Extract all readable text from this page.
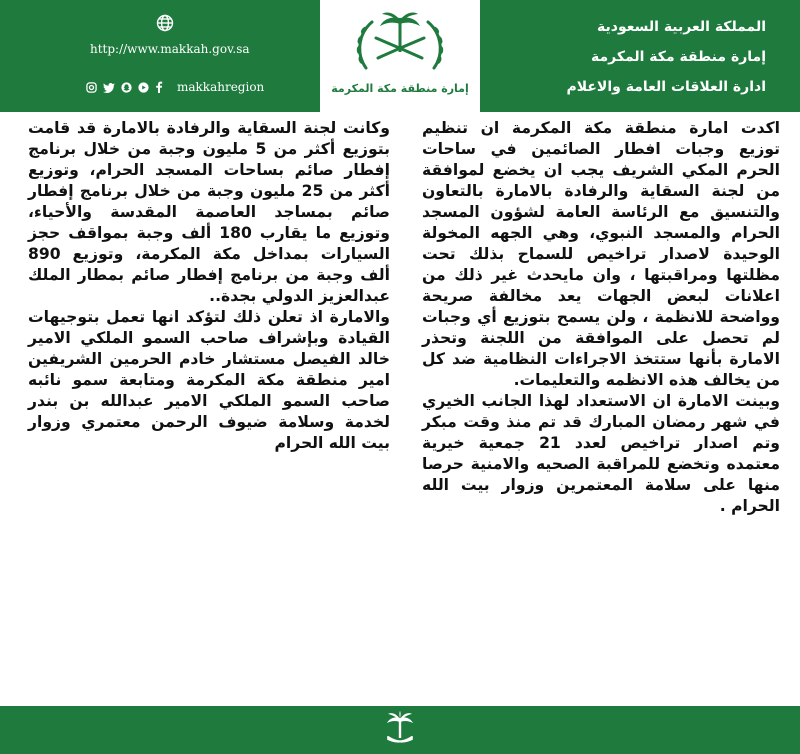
المملكة العربية السعودية
إمارة منطقة مكة المكرمة
ادارة العلاقات العامة والاعلام
إمارة منطقة مكة المكرمة
http://www.makkah.gov.sa
makkahregion

اكدت امارة منطقة مكة المكرمة ان تنظيم توزيع وجبات افطار الصائمين في ساحات الحرم المكي الشريف يجب ان يخضع لموافقة من لجنة السقاية والرفادة بالامارة بالتعاون والتنسيق مع الرئاسة العامة لشؤون المسجد الحرام والمسجد النبوي، وهي الجهه المخولة الوحيدة لاصدار تراخيص للسماح بذلك تحت مظلتها ومراقبتها ، وان مايحدث غير ذلك من اعلانات لبعض الجهات يعد مخالفة صريحة وواضحة للانظمة ، ولن يسمح بتوزيع أي وجبات لم تحصل على الموافقة من اللجنة وتحذر الامارة بأنها ستتخذ الاجراءات النظامية ضد كل من يخالف هذه الانظمه والتعليمات.

وبينت الامارة ان الاستعداد لهذا الجانب الخيري في شهر رمضان المبارك قد تم منذ وقت مبكر وتم اصدار تراخيص لعدد 21 جمعية خيرية معتمده وتخضع للمراقبة الصحيه والامنية حرصا منها على سلامة المعتمرين وزوار بيت الله الحرام .

وكانت لجنة السقاية والرفادة بالامارة قد قامت بتوزيع أكثر من 5 مليون وجبة من خلال برنامج إفطار صائم بساحات المسجد الحرام، وتوزيع أكثر من 25 مليون وجبة من خلال برنامج إفطار صائم بمساجد العاصمة المقدسة والأحياء، وتوزيع ما يقارب 180 ألف وجبة بمواقف حجز السيارات بمداخل مكة المكرمة، وتوزيع 890 ألف وجبة من برنامج إفطار صائم بمطار الملك عبدالعزيز الدولي بجدة..

والامارة اذ تعلن ذلك لتؤكد انها تعمل بتوجيهات القيادة وبإشراف صاحب السمو الملكي الامير خالد الفيصل مستشار خادم الحرمين الشريفين امير منطقة مكة المكرمة ومتابعة سمو نائبه صاحب السمو الملكي الامير عبدالله بن بندر لخدمة وسلامة ضيوف الرحمن معتمري وزوار بيت الله الحرام
